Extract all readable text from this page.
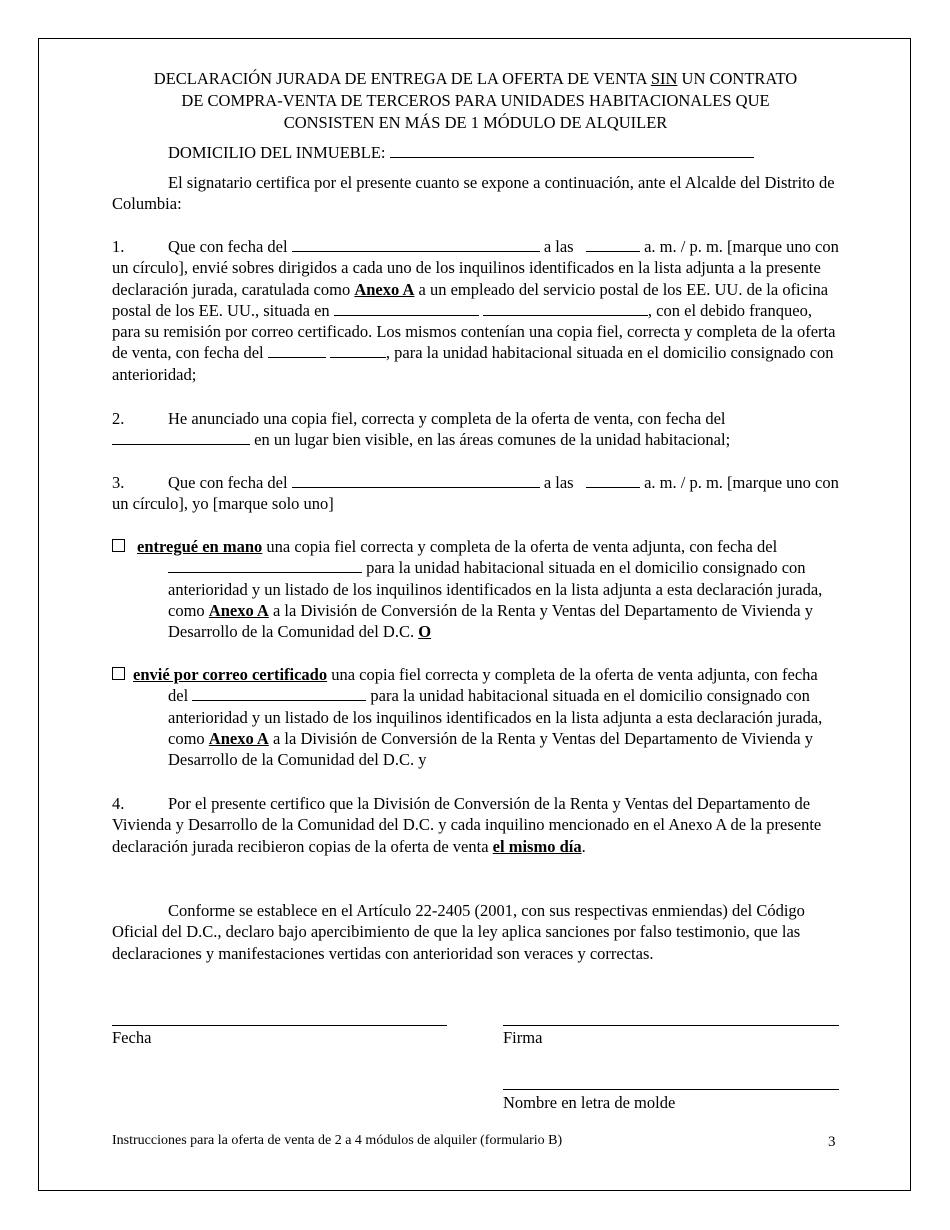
DECLARACIÓN JURADA DE ENTREGA DE LA OFERTA DE VENTA SIN UN CONTRATO
DE COMPRA-VENTA DE TERCEROS PARA UNIDADES HABITACIONALES QUE
CONSISTEN EN MÁS DE 1 MÓDULO DE ALQUILER
DOMICILIO DEL INMUEBLE:
El signatario certifica por el presente cuanto se expone a continuación, ante el Alcalde del Distrito de Columbia:
1.	Que con fecha del	a las	a. m. / p. m. [marque uno con un círculo], envié sobres dirigidos a cada uno de los inquilinos identificados en la lista adjunta a la presente declaración jurada, caratulada como Anexo A a un empleado del servicio postal de los EE. UU. de la oficina postal de los EE. UU., situada en	, con el debido franqueo, para su remisión por correo certificado. Los mismos contenían una copia fiel, correcta y completa de la oferta de venta, con fecha del	, para la unidad habitacional situada en el domicilio consignado con anterioridad;
2.	He anunciado una copia fiel, correcta y completa de la oferta de venta, con fecha del  en un lugar bien visible, en las áreas comunes de la unidad habitacional;
3.	Que con fecha del	a las	a. m. / p. m. [marque uno con un círculo], yo [marque solo uno]
entregué en mano una copia fiel correcta y completa de la oferta de venta adjunta, con fecha del  para la unidad habitacional situada en el domicilio consignado con anterioridad y un listado de los inquilinos identificados en la lista adjunta a esta declaración jurada, como Anexo A a la División de Conversión de la Renta y Ventas del Departamento de Vivienda y Desarrollo de la Comunidad del D.C. O
envié por correo certificado una copia fiel correcta y completa de la oferta de venta adjunta, con fecha del	para la unidad habitacional situada en el domicilio consignado con anterioridad y un listado de los inquilinos identificados en la lista adjunta a esta declaración jurada, como Anexo A a la División de Conversión de la Renta y Ventas del Departamento de Vivienda y Desarrollo de la Comunidad del D.C. y
4.	Por el presente certifico que la División de Conversión de la Renta y Ventas del Departamento de Vivienda y Desarrollo de la Comunidad del D.C. y cada inquilino mencionado en el Anexo A de la presente declaración jurada recibieron copias de la oferta de venta el mismo día.
Conforme se establece en el Artículo 22-2405 (2001, con sus respectivas enmiendas) del Código Oficial del D.C., declaro bajo apercibimiento de que la ley aplica sanciones por falso testimonio, que las declaraciones y manifestaciones vertidas con anterioridad son veraces y correctas.
Fecha	Firma
Nombre en letra de molde
Instrucciones para la oferta de venta de 2 a 4 módulos de alquiler (formulario B)	3
